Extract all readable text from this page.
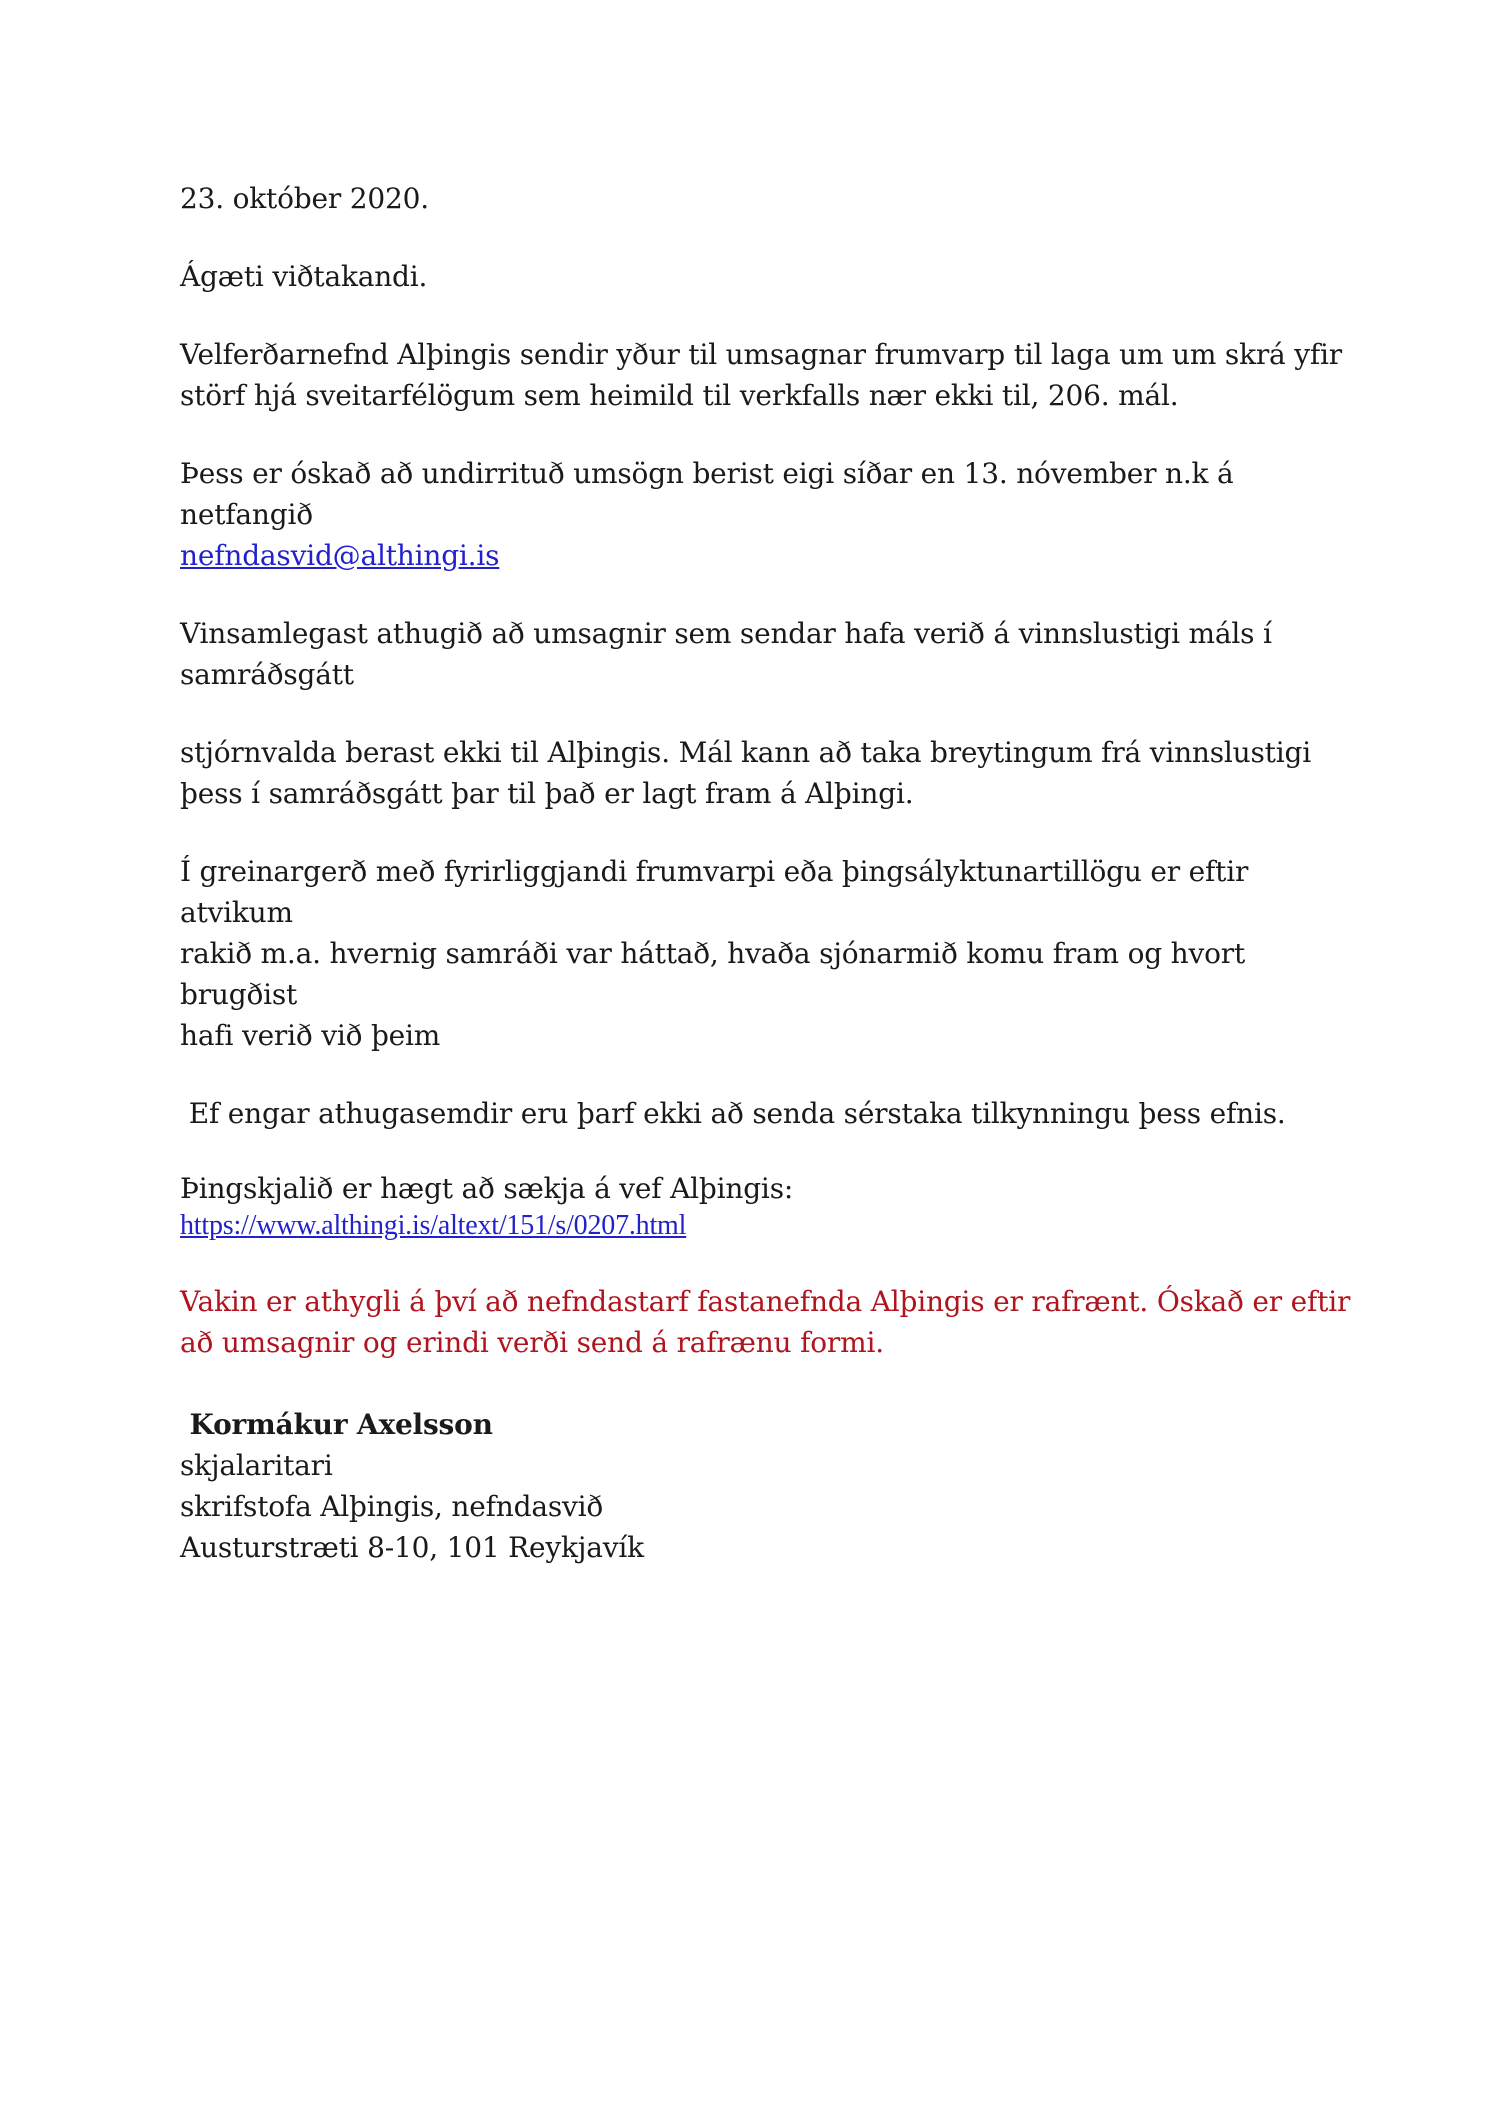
23. október 2020.

Ágæti viðtakandi.

Velferðarnefnd Alþingis sendir yður til umsagnar frumvarp til laga um um skrá yfir

störf hjá sveitarfélögum sem heimild til verkfalls nær ekki til, 206. mál.

Þess er óskað að undirrituð umsögn berist eigi síðar en 13. nóvember n.k á netfangið

nefndasvid@althingi.is

Vinsamlegast athugið að umsagnir sem sendar hafa verið á vinnslustigi máls í

samráðsgátt

stjórnvalda berast ekki til Alþingis. Mál kann að taka breytingum frá vinnslustigi

þess í samráðsgátt þar til það er lagt fram á Alþingi.

Í greinargerð með fyrirliggjandi frumvarpi eða þingsályktunartillögu er eftir atvikum

rakið m.a. hvernig samráði var háttað, hvaða sjónarmið komu fram og hvort brugðist

hafi verið við þeim

Ef engar athugasemdir eru þarf ekki að senda sérstaka tilkynningu þess efnis.

Þingskjalið er hægt að sækja á vef Alþingis:

https://www.althingi.is/altext/151/s/0207.html

Vakin er athygli á því að nefndastarf fastanefnda Alþingis er rafrænt. Óskað er eftir

að umsagnir og erindi verði send á rafrænu formi.

Kormákur Axelsson

skjalaritari

skrifstofa Alþingis, nefndasvið

Austurstræti 8-10, 101 Reykjavík
